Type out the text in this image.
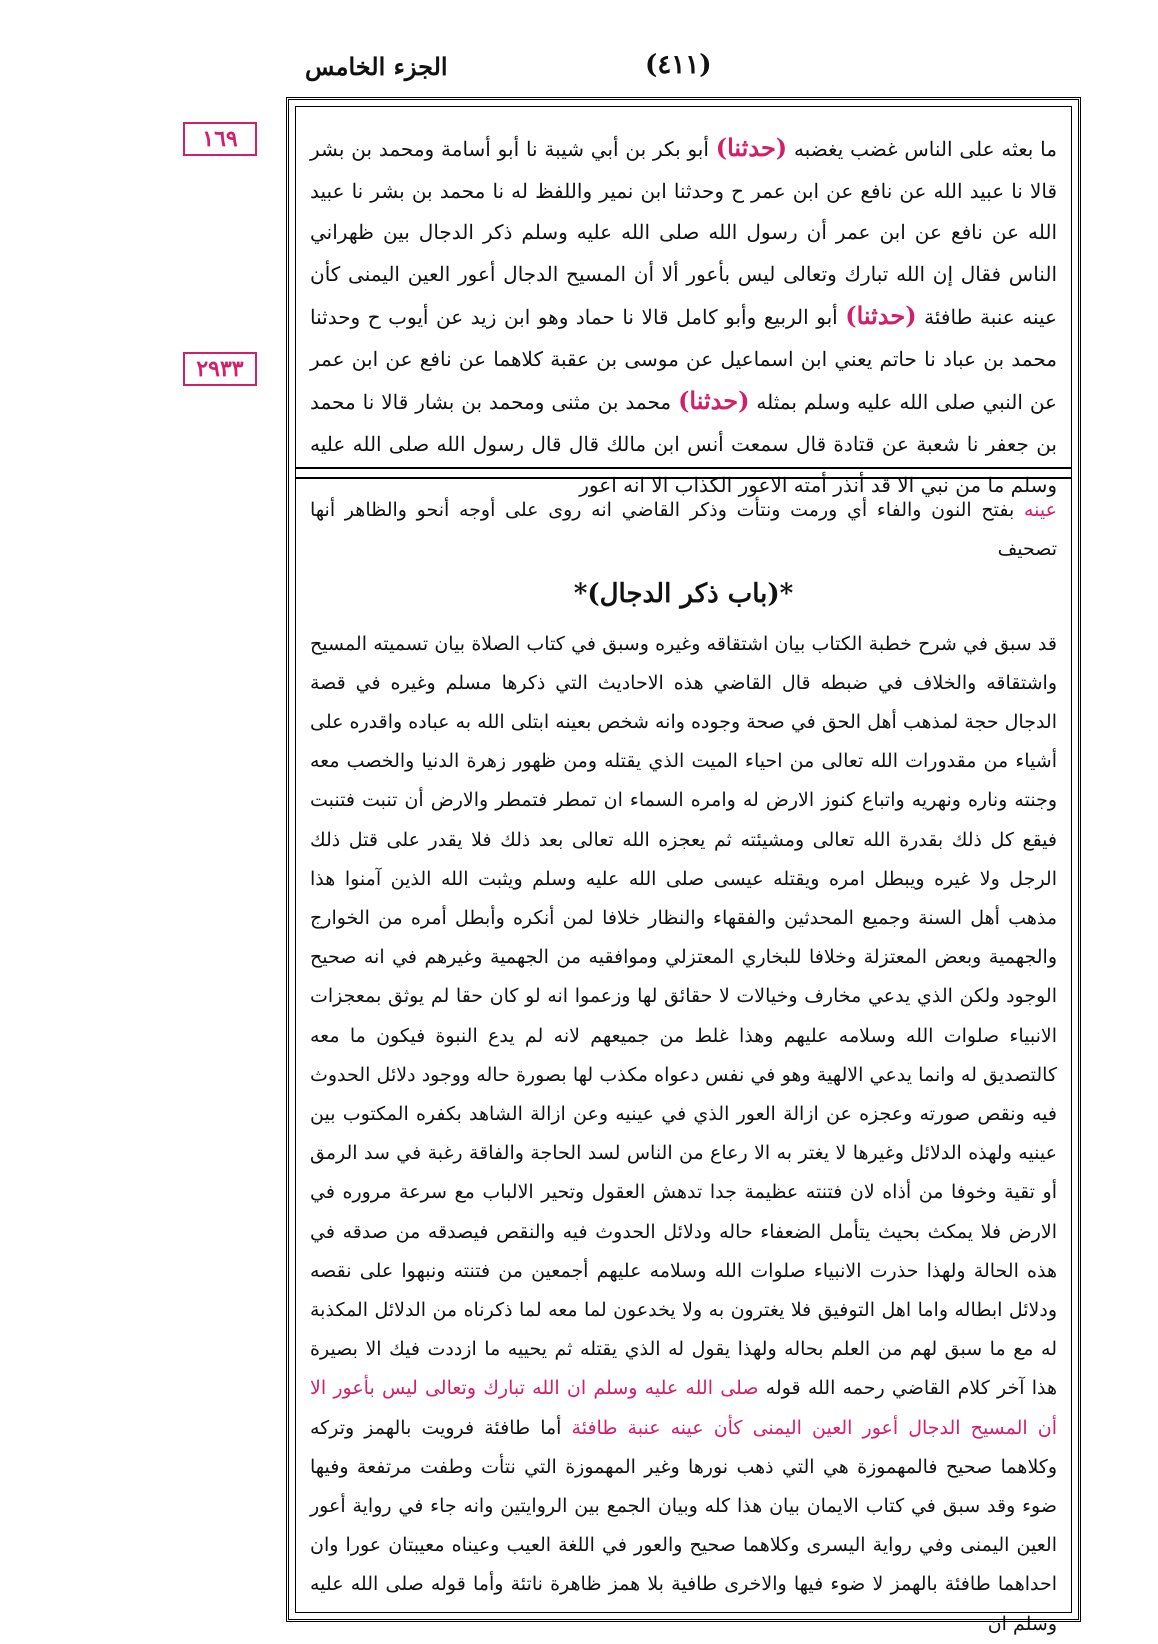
الجزء الخامس	(٤١١)
١٦٩
٢٩٣٣

ما بعثه على الناس غضب يغضبه (حدثنا) أبو بكر بن أبي شيبة نا أبو أسامة ومحمد بن بشر قالا نا عبيد الله عن نافع عن ابن عمر ح وحدثنا ابن نمير واللفظ له نا محمد بن بشر نا عبيد الله عن نافع عن ابن عمر أن رسول الله صلى الله عليه وسلم ذكر الدجال بين ظهراني الناس فقال إن الله تبارك وتعالى ليس بأعور ألا أن المسيح الدجال أعور العين اليمنى كأن عينه عنبة طافئة (حدثنا) أبو الربيع وأبو كامل قالا نا حماد وهو ابن زيد عن أيوب ح وحدثنا محمد بن عباد نا حاتم يعني ابن اسماعيل عن موسى بن عقبة كلاهما عن نافع عن ابن عمر عن النبي صلى الله عليه وسلم بمثله (حدثنا) محمد بن مثنى ومحمد بن بشار قالا نا محمد بن جعفر نا شعبة عن قتادة قال سمعت أنس ابن مالك قال قال رسول الله صلى الله عليه وسلم ما من نبي الا قد أنذر أمته الاعور الكذاب الا انه اعور

عينه بفتح النون والفاء أي ورمت ونتأت وذكر القاضي انه روى على أوجه أنحو والظاهر أنها تصحيف

*(باب ذكر الدجال)*

قد سبق في شرح خطبة الكتاب بيان اشتقاقه وغيره وسبق في كتاب الصلاة بيان تسميته المسيح واشتقاقه والخلاف في ضبطه قال القاضي هذه الاحاديث التي ذكرها مسلم وغيره في قصة الدجال حجة لمذهب أهل الحق في صحة وجوده وانه شخص بعينه ابتلى الله به عباده واقدره على أشياء من مقدورات الله تعالى من احياء الميت الذي يقتله ومن ظهور زهرة الدنيا والخصب معه وجنته وناره ونهريه واتباع كنوز الارض له وامره السماء ان تمطر فتمطر والارض أن تنبت فتنبت فيقع كل ذلك بقدرة الله تعالى ومشيئته ثم يعجزه الله تعالى بعد ذلك فلا يقدر على قتل ذلك الرجل ولا غيره ويبطل امره ويقتله عيسى صلى الله عليه وسلم ويثبت الله الذين آمنوا هذا مذهب أهل السنة وجميع المحدثين والفقهاء والنظار خلافا لمن أنكره وأبطل أمره من الخوارج والجهمية وبعض المعتزلة وخلافا للبخاري المعتزلي وموافقيه من الجهمية وغيرهم في انه صحيح الوجود ولكن الذي يدعي مخارف وخيالات لا حقائق لها وزعموا انه لو كان حقا لم يوثق بمعجزات الانبياء صلوات الله وسلامه عليهم وهذا غلط من جميعهم لانه لم يدع النبوة فيكون ما معه كالتصديق له وانما يدعي الالهية وهو في نفس دعواه مكذب لها بصورة حاله ووجود دلائل الحدوث فيه ونقص صورته وعجزه عن ازالة العور الذي في عينيه وعن ازالة الشاهد بكفره المكتوب بين عينيه ولهذه الدلائل وغيرها لا يغتر به الا رعاع من الناس لسد الحاجة والفاقة رغبة في سد الرمق أو تقية وخوفا من أذاه لان فتنته عظيمة جدا تدهش العقول وتحير الالباب مع سرعة مروره في الارض فلا يمكث بحيث يتأمل الضعفاء حاله ودلائل الحدوث فيه والنقص فيصدقه من صدقه في هذه الحالة ولهذا حذرت الانبياء صلوات الله وسلامه عليهم أجمعين من فتنته ونبهوا على نقصه ودلائل ابطاله واما اهل التوفيق فلا يغترون به ولا يخدعون لما معه لما ذكرناه من الدلائل المكذبة له مع ما سبق لهم من العلم بحاله ولهذا يقول له الذي يقتله ثم يحييه ما ازددت فيك الا بصيرة هذا آخر كلام القاضي رحمه الله قوله صلى الله عليه وسلم ان الله تبارك وتعالى ليس بأعور الا أن المسيح الدجال أعور العين اليمنى كأن عينه عنبة طافئة أما طافئة فرويت بالهمز وتركه وكلاهما صحيح فالمهموزة هي التي ذهب نورها وغير المهموزة التي نتأت وطفت مرتفعة وفيها ضوء وقد سبق في كتاب الايمان بيان هذا كله وبيان الجمع بين الروايتين وانه جاء في رواية أعور العين اليمنى وفي رواية اليسرى وكلاهما صحيح والعور في اللغة العيب وعيناه معيبتان عورا وان احداهما طافئة بالهمز لا ضوء فيها والاخرى طافية بلا همز ظاهرة ناتئة وأما قوله صلى الله عليه وسلم ان
